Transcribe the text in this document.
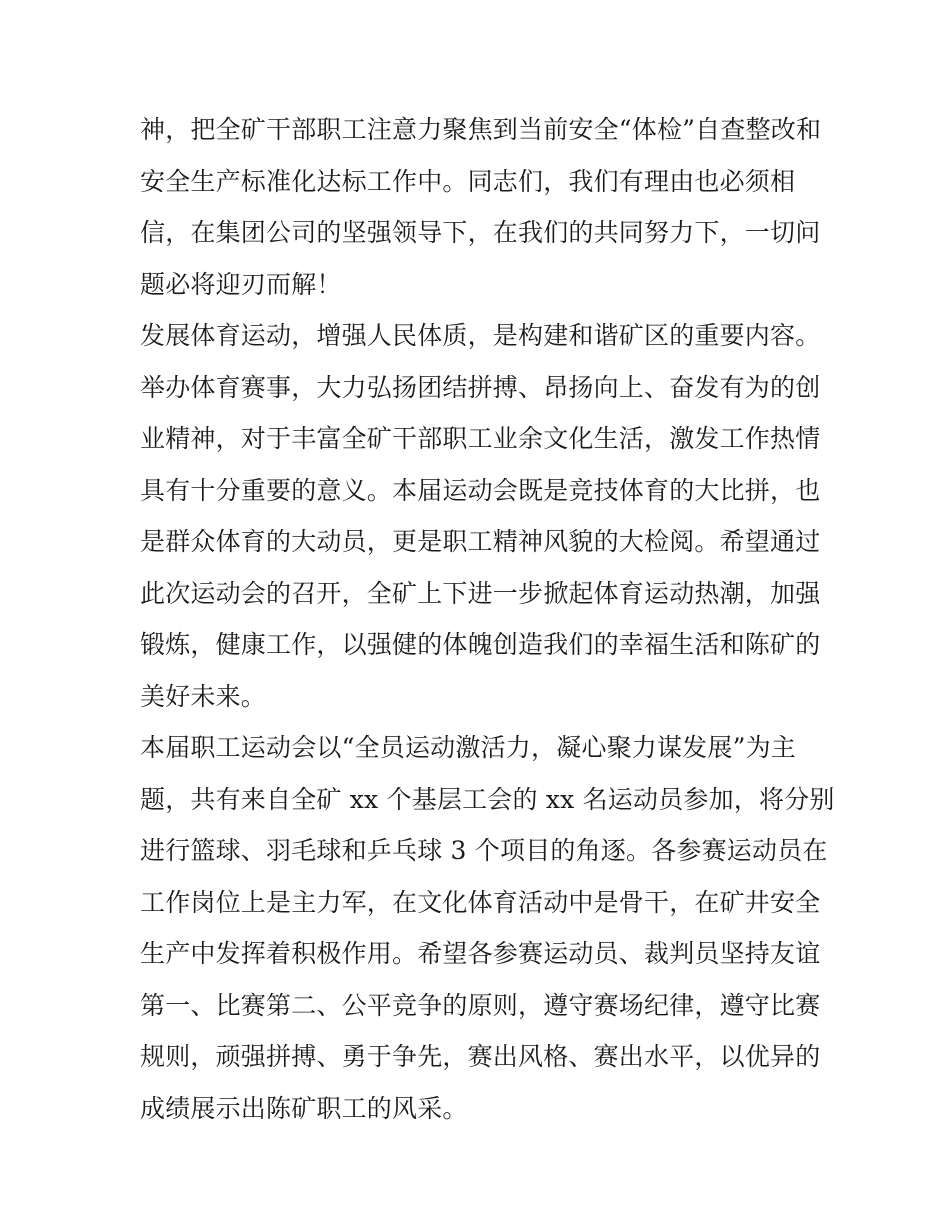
神，把全矿干部职工注意力聚焦到当前安全“体检”自查整改和
安全生产标准化达标工作中。同志们，我们有理由也必须相
信，在集团公司的坚强领导下，在我们的共同努力下，一切问
题必将迎刃而解！
发展体育运动，增强人民体质，是构建和谐矿区的重要内容。
举办体育赛事，大力弘扬团结拼搏、昂扬向上、奋发有为的创
业精神，对于丰富全矿干部职工业余文化生活，激发工作热情
具有十分重要的意义。本届运动会既是竞技体育的大比拼，也
是群众体育的大动员，更是职工精神风貌的大检阅。希望通过
此次运动会的召开，全矿上下进一步掀起体育运动热潮，加强
锻炼，健康工作，以强健的体魄创造我们的幸福生活和陈矿的
美好未来。
本届职工运动会以“全员运动激活力，凝心聚力谋发展”为主
题，共有来自全矿 xx 个基层工会的 xx 名运动员参加，将分别
进行篮球、羽毛球和乒乓球 3 个项目的角逐。各参赛运动员在
工作岗位上是主力军，在文化体育活动中是骨干，在矿井安全
生产中发挥着积极作用。希望各参赛运动员、裁判员坚持友谊
第一、比赛第二、公平竞争的原则，遵守赛场纪律，遵守比赛
规则，顽强拼搏、勇于争先，赛出风格、赛出水平，以优异的
成绩展示出陈矿职工的风采。
